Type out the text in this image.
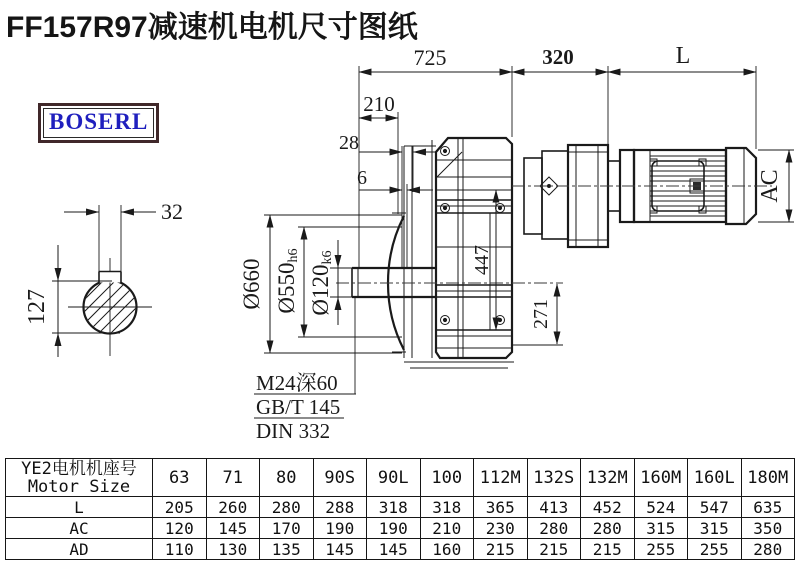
FF157R97减速机电机尺寸图纸
BOSERL
32
127
725	320	L
210
28
6
Ø660 Ø550h6
Ø120k6	447
271
AC
M24深60
GB/T 145
DIN 332
YE2电机机座号
Motor Size	63	71	80	90S	90L	100	112M	132S	132M	160M	160L	180M
L	205	260	280	288	318	318	365	413	452	524	547	635
AC	120	145	170	190	190	210	230	280	280	315	315	350
AD	110	130	135	145	145	160	215	215	215	255	255	280
